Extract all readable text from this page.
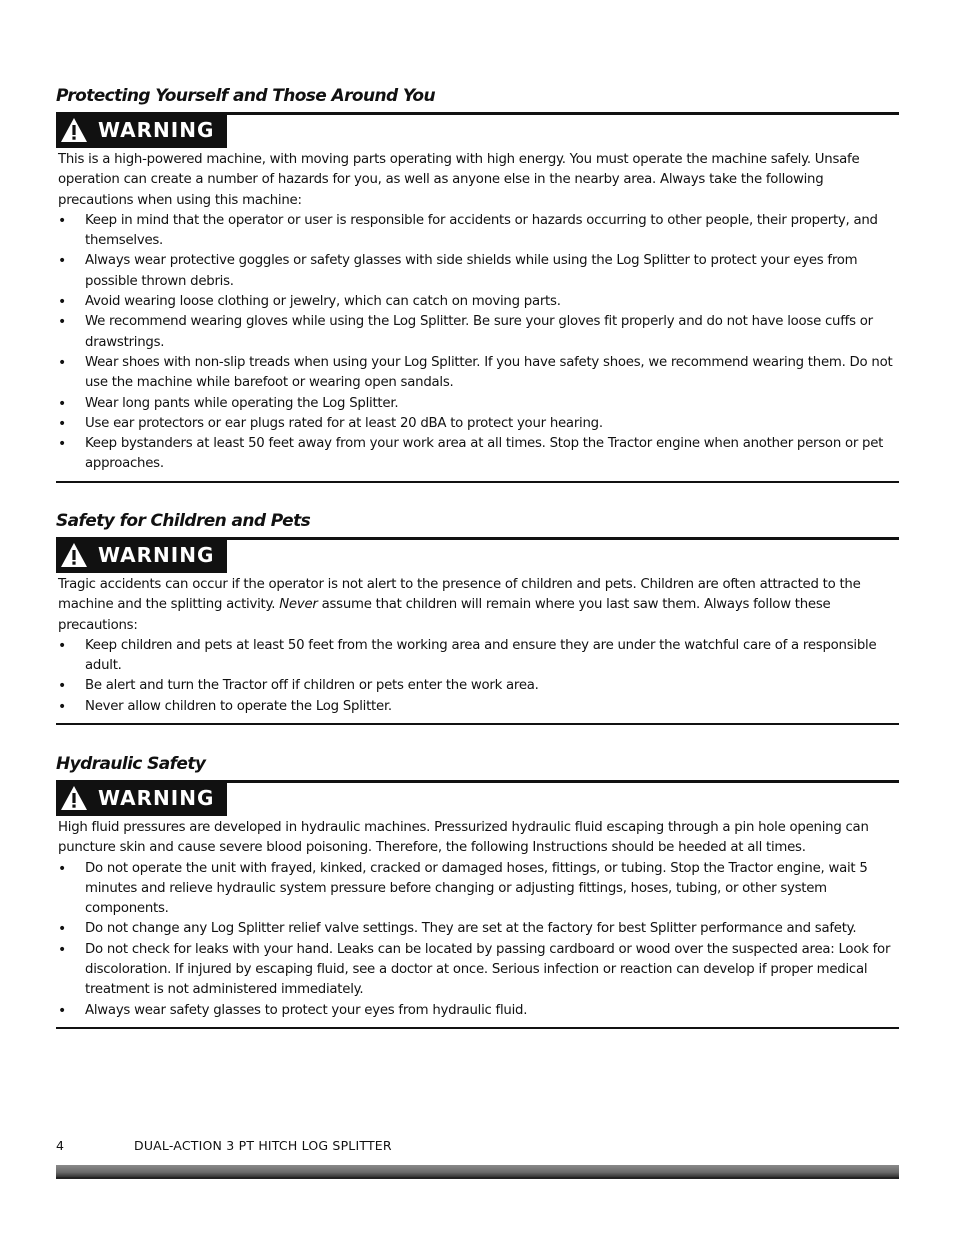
Protecting Yourself and Those Around You
WARNING

This is a high-powered machine, with moving parts operating with high energy. You must operate the machine safely. Unsafe operation can create a number of hazards for you, as well as anyone else in the nearby area. Always take the following precautions when using this machine:

• Keep in mind that the operator or user is responsible for accidents or hazards occurring to other people, their property, and themselves.
• Always wear protective goggles or safety glasses with side shields while using the Log Splitter to protect your eyes from possible thrown debris.
• Avoid wearing loose clothing or jewelry, which can catch on moving parts.
• We recommend wearing gloves while using the Log Splitter. Be sure your gloves fit properly and do not have loose cuffs or drawstrings.
• Wear shoes with non-slip treads when using your Log Splitter. If you have safety shoes, we recommend wearing them. Do not use the machine while barefoot or wearing open sandals.
• Wear long pants while operating the Log Splitter.
• Use ear protectors or ear plugs rated for at least 20 dBA to protect your hearing.
• Keep bystanders at least 50 feet away from your work area at all times. Stop the Tractor engine when another person or pet approaches.
Safety for Children and Pets
WARNING

Tragic accidents can occur if the operator is not alert to the presence of children and pets. Children are often attracted to the machine and the splitting activity. Never assume that children will remain where you last saw them. Always follow these precautions:

• Keep children and pets at least 50 feet from the working area and ensure they are under the watchful care of a responsible adult.
• Be alert and turn the Tractor off if children or pets enter the work area.
• Never allow children to operate the Log Splitter.
Hydraulic Safety
WARNING

High fluid pressures are developed in hydraulic machines. Pressurized hydraulic fluid escaping through a pin hole opening can puncture skin and cause severe blood poisoning. Therefore, the following Instructions should be heeded at all times.

• Do not operate the unit with frayed, kinked, cracked or damaged hoses, fittings, or tubing. Stop the Tractor engine, wait 5 minutes and relieve hydraulic system pressure before changing or adjusting fittings, hoses, tubing, or other system components.
• Do not change any Log Splitter relief valve settings. They are set at the factory for best Splitter performance and safety.
• Do not check for leaks with your hand. Leaks can be located by passing cardboard or wood over the suspected area: Look for discoloration. If injured by escaping fluid, see a doctor at once. Serious infection or reaction can develop if proper medical treatment is not administered immediately.
• Always wear safety glasses to protect your eyes from hydraulic fluid.
4	DUAL-ACTION 3 PT HITCH LOG SPLITTER
